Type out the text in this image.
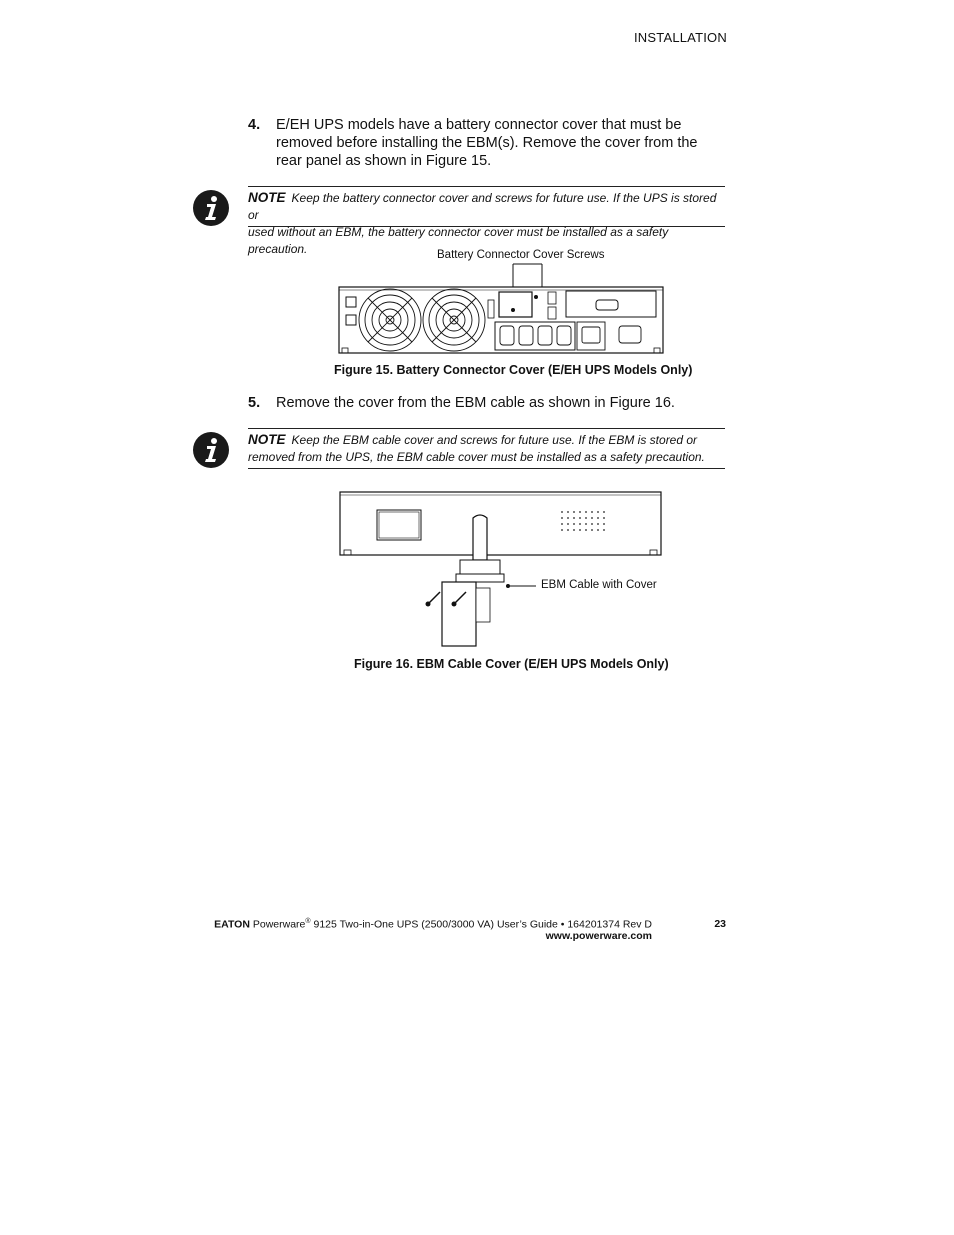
INSTALLATION
4. E/EH UPS models have a battery connector cover that must be
removed before installing the EBM(s). Remove the cover from the
rear panel as shown in Figure 15.
NOTE Keep the battery connector cover and screws for future use. If the UPS is stored or
used without an EBM, the battery connector cover must be installed as a safety precaution.	Battery Connector Cover Screws
Figure 15. Battery Connector Cover (E/EH UPS Models Only)
5. Remove the cover from the EBM cable as shown in Figure 16.
NOTE Keep the EBM cable cover and screws for future use. If the EBM is stored or
removed from the UPS, the EBM cable cover must be installed as a safety precaution.
EBM Cable with Cover
Figure 16. EBM Cable Cover (E/EH UPS Models Only)
EATON Powerware® 9125 Two-in-One UPS (2500/3000 VA) User’s Guide • 164201374 Rev D
www.powerware.com
23
